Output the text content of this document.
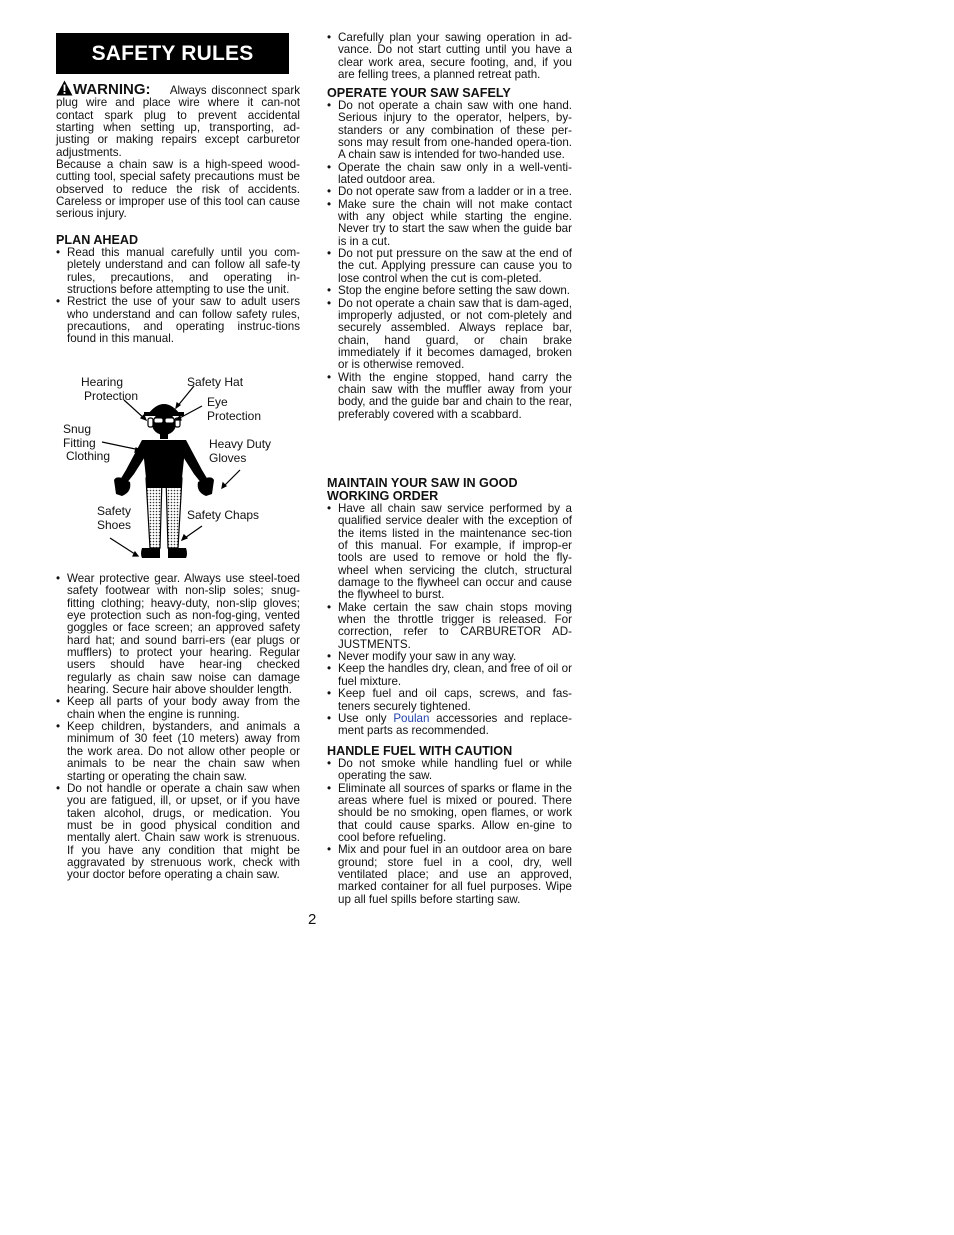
SAFETY RULES

WARNING: Always disconnect spark plug wire and place wire where it can-not contact spark plug to prevent accidental starting when setting up, transporting, ad-justing or making repairs except carburetor adjustments.

Because a chain saw is a high-speed wood-cutting tool, special safety precautions must be observed to reduce the risk of accidents. Careless or improper use of this tool can cause serious injury.

PLAN AHEAD
• Read this manual carefully until you com-pletely understand and can follow all safe-ty rules, precautions, and operating in-structions before attempting to use the unit.
• Restrict the use of your saw to adult users who understand and can follow safety rules, precautions, and operating instruc-tions found in this manual.
• Wear protective gear. Always use steel-toed safety footwear with non-slip soles; snug-fitting clothing; heavy-duty, non-slip gloves; eye protection such as non-fog-ging, vented goggles or face screen; an approved safety hard hat; and sound barri-ers (ear plugs or mufflers) to protect your hearing. Regular users should have hear-ing checked regularly as chain saw noise can damage hearing. Secure hair above shoulder length.
• Keep all parts of your body away from the chain when the engine is running.
• Keep children, bystanders, and animals a minimum of 30 feet (10 meters) away from the work area. Do not allow other people or animals to be near the chain saw when starting or operating the chain saw.
• Do not handle or operate a chain saw when you are fatigued, ill, or upset, or if you have taken alcohol, drugs, or medication. You must be in good physical condition and mentally alert. Chain saw work is strenuous. If you have any condition that might be aggravated by strenuous work, check with your doctor before operating a chain saw.
Hearing
Protection
Safety Hat
Eye
Protection
Snug
Fitting
Clothing
Heavy Duty
Gloves
Safety
Shoes
Safety Chaps
• Carefully plan your sawing operation in ad-vance. Do not start cutting until you have a clear work area, secure footing, and, if you are felling trees, a planned retreat path.
OPERATE YOUR SAW SAFELY
• Do not operate a chain saw with one hand. Serious injury to the operator, helpers, by-standers or any combination of these per-sons may result from one-handed opera-tion. A chain saw is intended for two-handed use.
• Operate the chain saw only in a well-venti-lated outdoor area.
• Do not operate saw from a ladder or in a tree.
• Make sure the chain will not make contact with any object while starting the engine. Never try to start the saw when the guide bar is in a cut.
• Do not put pressure on the saw at the end of the cut. Applying pressure can cause you to lose control when the cut is com-pleted.
• Stop the engine before setting the saw down.
• Do not operate a chain saw that is dam-aged, improperly adjusted, or not com-pletely and securely assembled. Always replace bar, chain, hand guard, or chain brake immediately if it becomes damaged, broken or is otherwise removed.
• With the engine stopped, hand carry the chain saw with the muffler away from your body, and the guide bar and chain to the rear, preferably covered with a scabbard.
MAINTAIN YOUR SAW IN GOOD WORKING ORDER
• Have all chain saw service performed by a qualified service dealer with the exception of the items listed in the maintenance sec-tion of this manual. For example, if improp-er tools are used to remove or hold the fly-wheel when servicing the clutch, structural damage to the flywheel can occur and cause the flywheel to burst.
• Make certain the saw chain stops moving when the throttle trigger is released. For correction, refer to CARBURETOR AD-JUSTMENTS.
• Never modify your saw in any way.
• Keep the handles dry, clean, and free of oil or fuel mixture.
• Keep fuel and oil caps, screws, and fas-teners securely tightened.
• Use only Poulan accessories and replace-ment parts as recommended.
HANDLE FUEL WITH CAUTION
• Do not smoke while handling fuel or while operating the saw.
• Eliminate all sources of sparks or flame in the areas where fuel is mixed or poured. There should be no smoking, open flames, or work that could cause sparks. Allow en-gine to cool before refueling.
• Mix and pour fuel in an outdoor area on bare ground; store fuel in a cool, dry, well ventilated place; and use an approved, marked container for all fuel purposes. Wipe up all fuel spills before starting saw.
2
